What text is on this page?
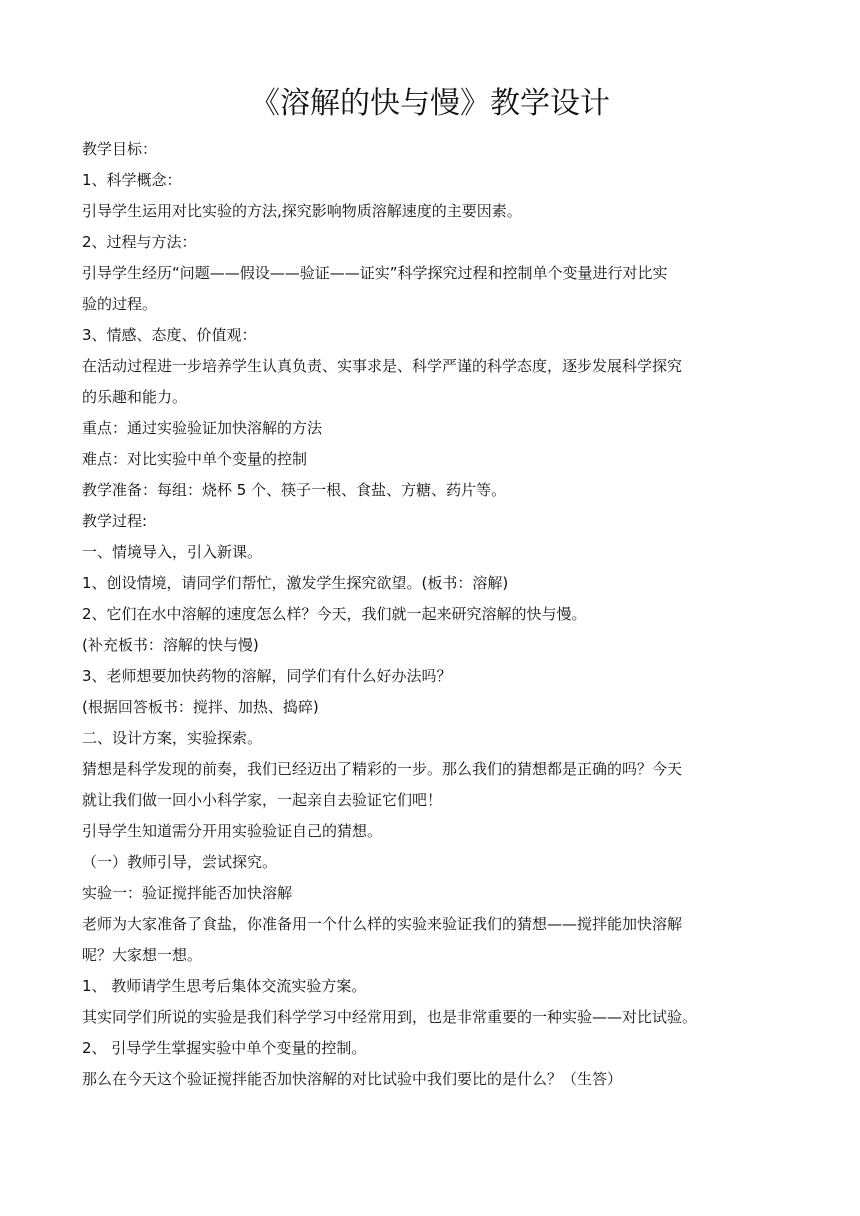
《溶解的快与慢》教学设计
教学目标：
1、科学概念：
引导学生运用对比实验的方法,探究影响物质溶解速度的主要因素。
2、过程与方法：
引导学生经历“问题——假设——验证——证实”科学探究过程和控制单个变量进行对比实
验的过程。
3、情感、态度、价值观：
在活动过程进一步培养学生认真负责、实事求是、科学严谨的科学态度，逐步发展科学探究
的乐趣和能力。
重点：通过实验验证加快溶解的方法
难点：对比实验中单个变量的控制
教学准备：每组：烧杯 5 个、筷子一根、食盐、方糖、药片等。
教学过程:
一、情境导入，引入新课。
1、创设情境，请同学们帮忙，激发学生探究欲望。(板书：溶解)
2、它们在水中溶解的速度怎么样？今天，我们就一起来研究溶解的快与慢。
(补充板书：溶解的快与慢)
3、老师想要加快药物的溶解，同学们有什么好办法吗？
(根据回答板书：搅拌、加热、捣碎)
二、设计方案，实验探索。
猜想是科学发现的前奏，我们已经迈出了精彩的一步。那么我们的猜想都是正确的吗？今天
就让我们做一回小小科学家，一起亲自去验证它们吧！
引导学生知道需分开用实验验证自己的猜想。
（一）教师引导，尝试探究。
实验一：验证搅拌能否加快溶解
老师为大家准备了食盐，你准备用一个什么样的实验来验证我们的猜想——搅拌能加快溶解
呢？大家想一想。
1、 教师请学生思考后集体交流实验方案。
其实同学们所说的实验是我们科学学习中经常用到，也是非常重要的一种实验——对比试验。
2、 引导学生掌握实验中单个变量的控制。
那么在今天这个验证搅拌能否加快溶解的对比试验中我们要比的是什么？（生答）
